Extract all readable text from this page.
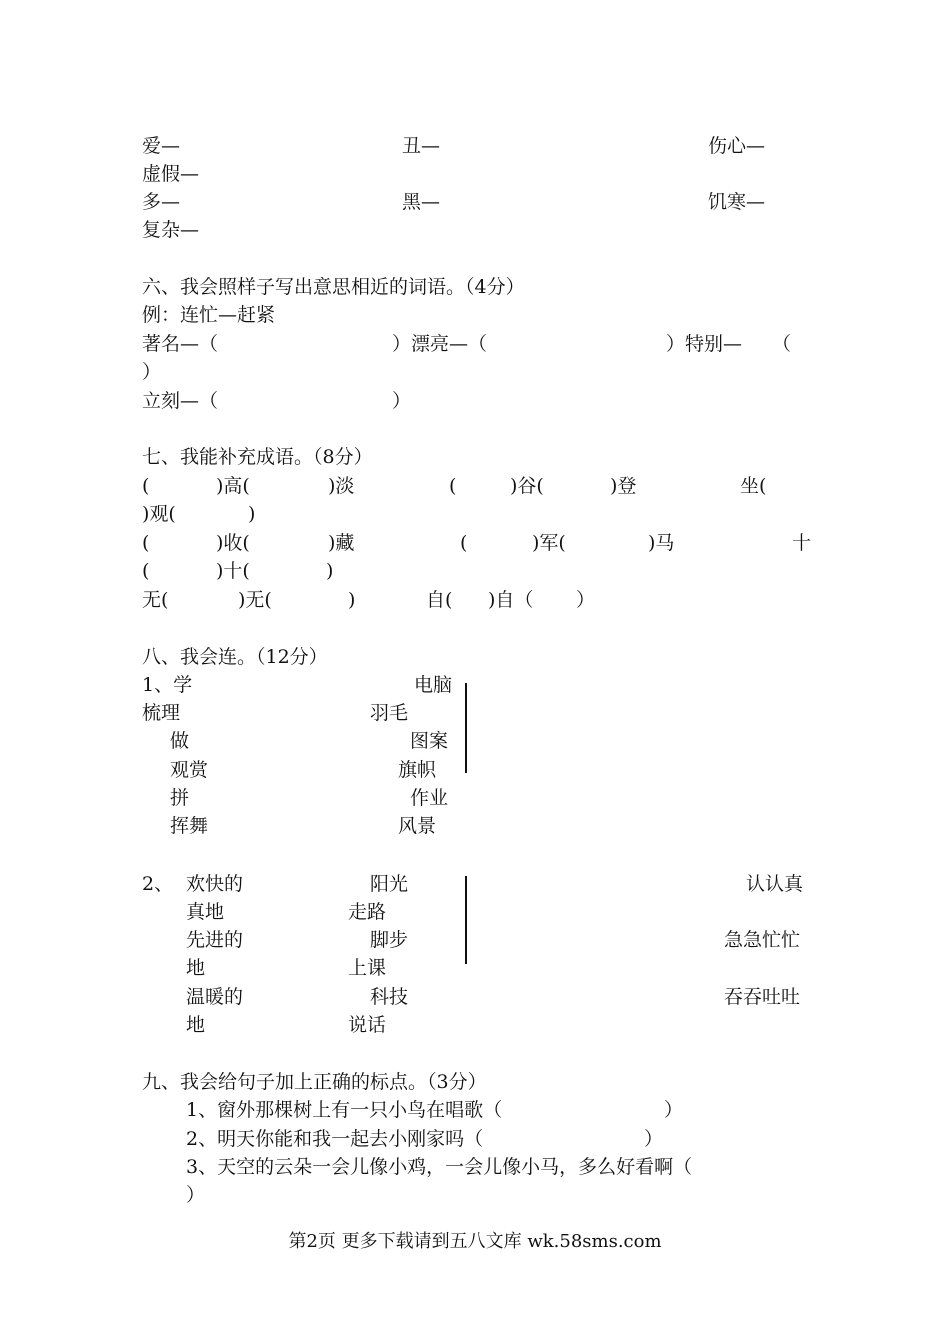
爱—	丑—	伤心—
虚假—
多—	黑—	饥寒—
复杂—
六、我会照样子写出意思相近的词语。（4分）
例：连忙—赶紧
著名—（	）漂亮—（	）特别— （
）
立刻—（	）
七、我能补充成语。（8分）
(	)高(	)淡	(	)谷(	)登	坐(
)观(	)
(	)收(	)藏	(	)军(	)马	十
(	)十(	)
无(	)无(	)	自( )自（ ）
八、我会连。（12分）
1、学	电脑
梳理	羽毛
做	图案
观赏	旗帜
拼	作业
挥舞	风景
2、 欢快的	阳光	认认真
真地	走路
先进的	脚步	急急忙忙
地	上课
温暖的	科技	吞吞吐吐
地	说话
九、我会给句子加上正确的标点。（3分）
1、窗外那棵树上有一只小鸟在唱歌（	）
2、明天你能和我一起去小刚家吗（	）
3、天空的云朵一会儿像小鸡，一会儿像小马，多么好看啊（
）
第2页 更多下载请到五八文库 wk.58sms.com
